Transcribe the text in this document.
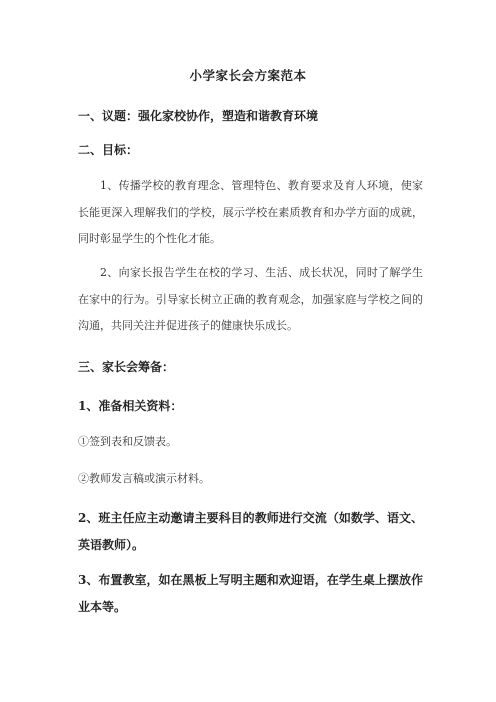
小学家长会方案范本

一、议题：强化家校协作，塑造和谐教育环境

二、目标：

1、传播学校的教育理念、管理特色、教育要求及育人环境，使家长能更深入理解我们的学校，展示学校在素质教育和办学方面的成就，同时彰显学生的个性化才能。

2、向家长报告学生在校的学习、生活、成长状况，同时了解学生在家中的行为。引导家长树立正确的教育观念，加强家庭与学校之间的沟通，共同关注并促进孩子的健康快乐成长。

三、家长会筹备：

1、准备相关资料：

①签到表和反馈表。

②教师发言稿或演示材料。

2、班主任应主动邀请主要科目的教师进行交流（如数学、语文、英语教师）。

3、布置教室，如在黑板上写明主题和欢迎语，在学生桌上摆放作业本等。
